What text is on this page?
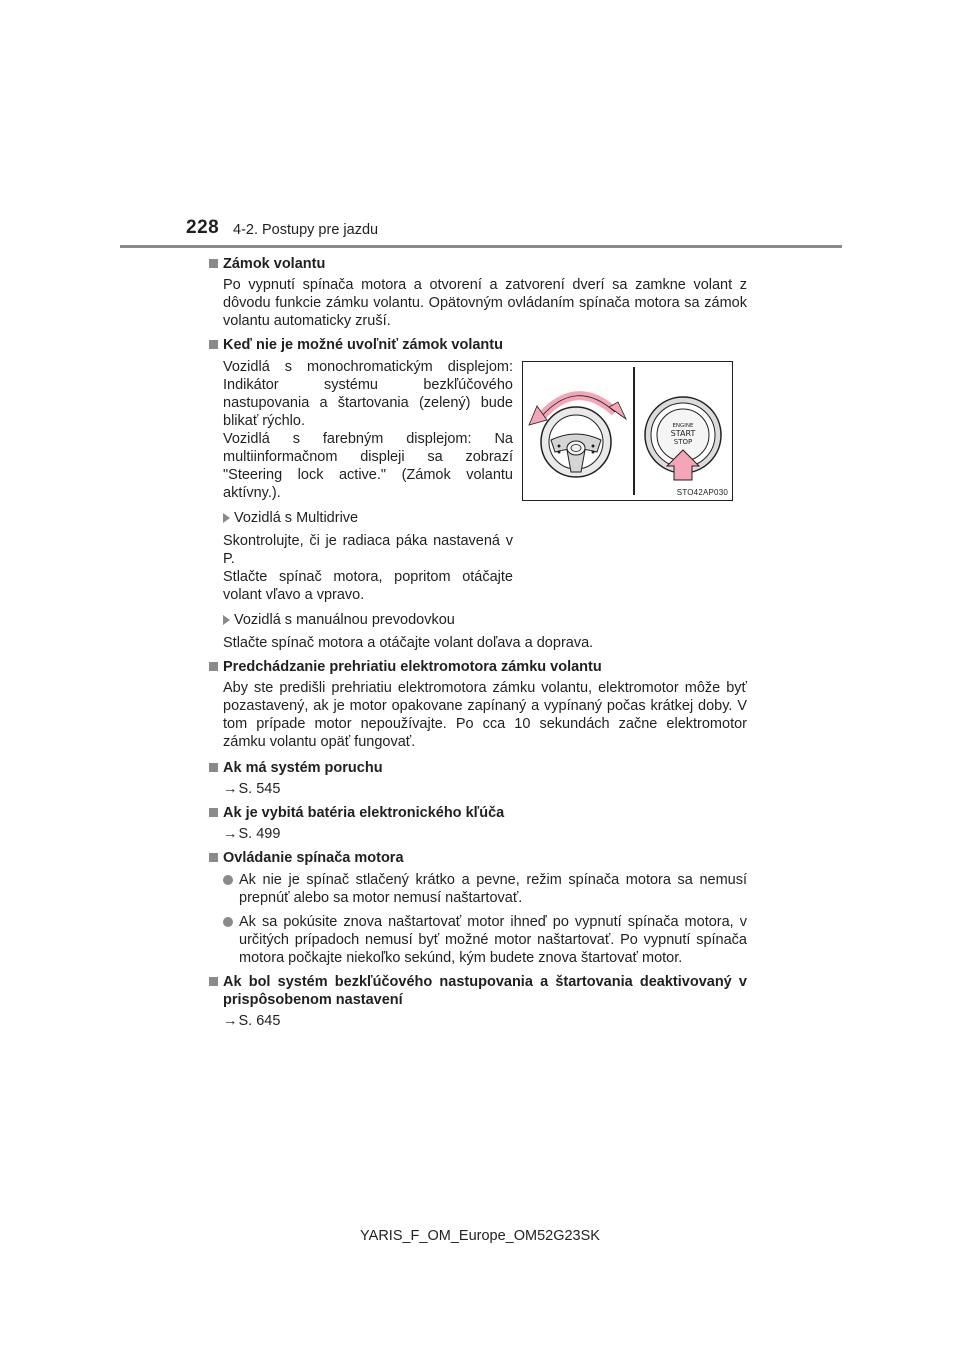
228 4-2. Postupy pre jazdu
Zámok volantu
Po vypnutí spínača motora a otvorení a zatvorení dverí sa zamkne volant z dôvodu funkcie zámku volantu. Opätovným ovládaním spínača motora sa zámok volantu automaticky zruší.
Keď nie je možné uvoľniť zámok volantu
Vozidlá s monochromatickým displejom: Indikátor systému bezkľúčového nastupovania a štartovania (zelený) bude blikať rýchlo.
Vozidlá s farebným displejom: Na multiinformačnom displeji sa zobrazí "Steering lock active." (Zámok volantu aktívny.).
Vozidlá s Multidrive
Skontrolujte, či je radiaca páka nastavená v P.
Stlačte spínač motora, popritom otáčajte volant vľavo a vpravo.
Vozidlá s manuálnou prevodovkou
Stlačte spínač motora a otáčajte volant doľava a doprava.
Predchádzanie prehriatiu elektromotora zámku volantu
Aby ste predišli prehriatiu elektromotora zámku volantu, elektromotor môže byť pozastavený, ak je motor opakovane zapínaný a vypínaný počas krátkej doby. V tom prípade motor nepoužívajte. Po cca 10 sekundách začne elektromotor zámku volantu opäť fungovať.
Ak má systém poruchu
→S. 545
Ak je vybitá batéria elektronického kľúča
→S. 499
Ovládanie spínača motora
Ak nie je spínač stlačený krátko a pevne, režim spínača motora sa nemusí prepnúť alebo sa motor nemusí naštartovať.
Ak sa pokúsite znova naštartovať motor ihneď po vypnutí spínača motora, v určitých prípadoch nemusí byť možné motor naštartovať. Po vypnutí spínača motora počkajte niekoľko sekúnd, kým budete znova štartovať motor.
Ak bol systém bezkľúčového nastupovania a štartovania deaktivovaný v prispôsobenom nastavení
→S. 645
ENGINE
START
STOP
STO42AP030
YARIS_F_OM_Europe_OM52G23SK
